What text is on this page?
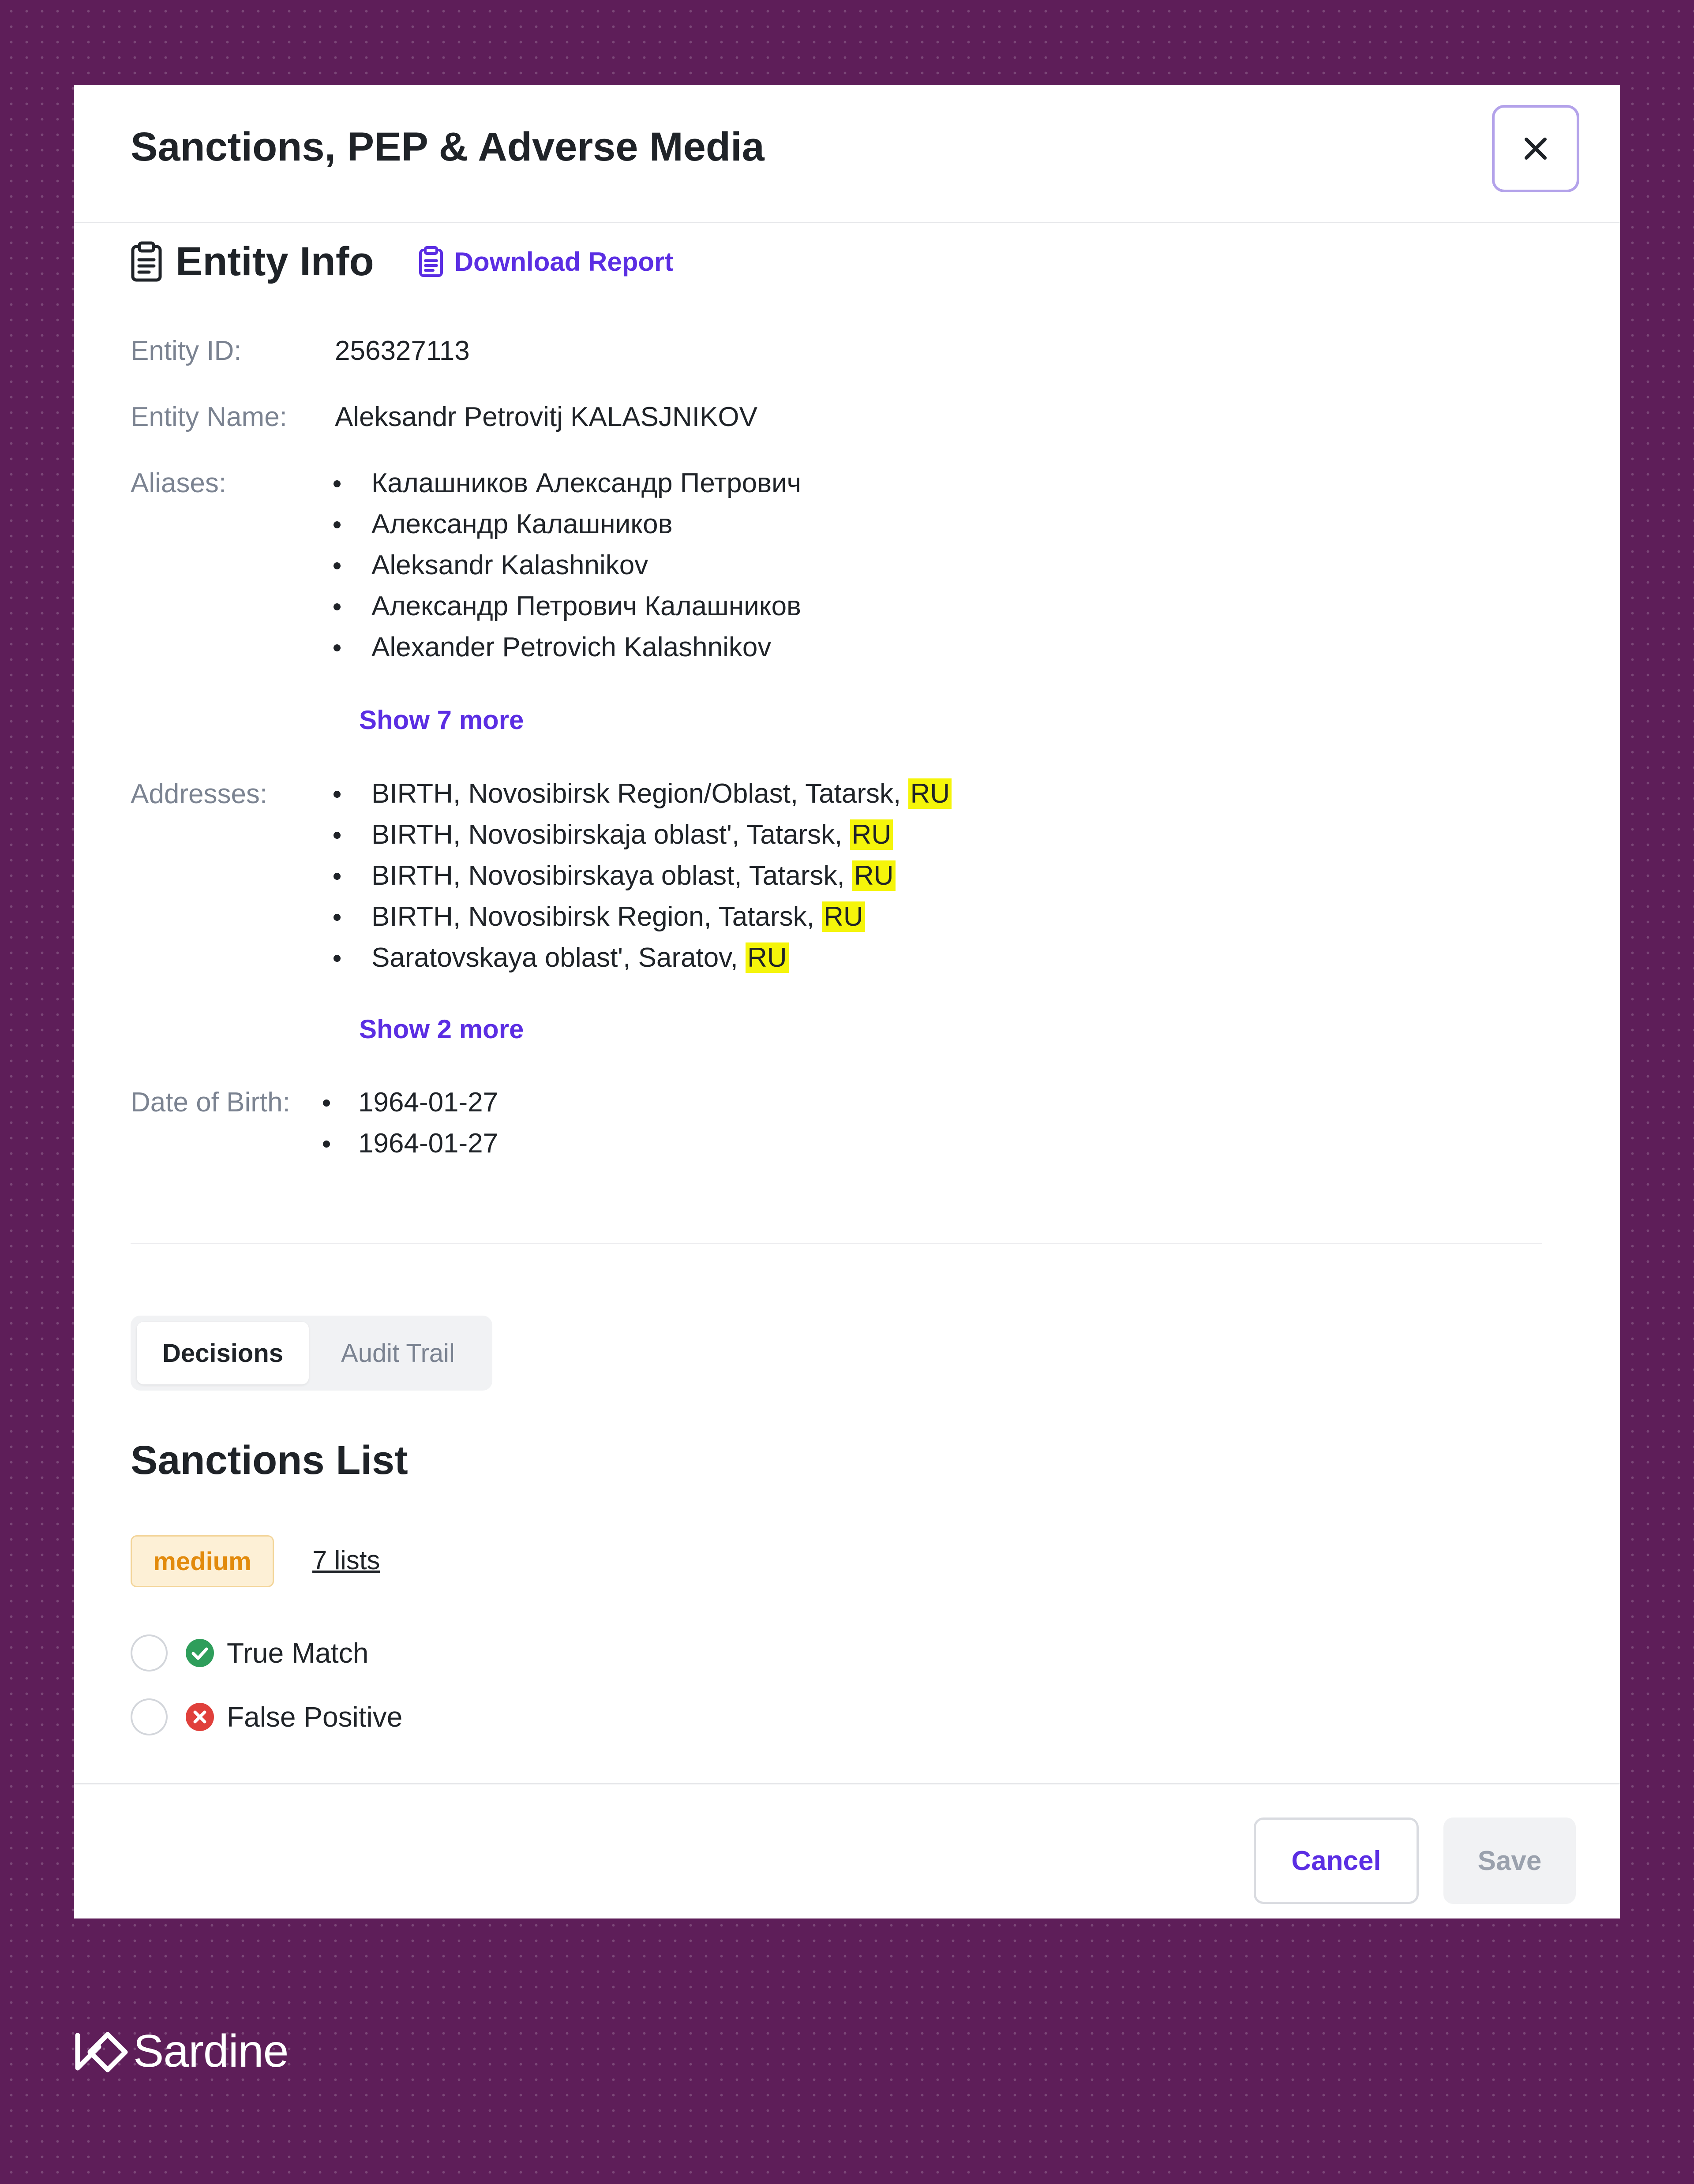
Sanctions, PEP & Adverse Media
Entity Info	Download Report
Entity ID:	256327113
Entity Name: Aleksandr Petrovitj KALASJNIKOV
Aliases:	Калашников Александр Петрович
Александр Калашников
Aleksandr Kalashnikov
Александр Петрович Калашников
Alexander Petrovich Kalashnikov
Show 7 more
Addresses:	BIRTH, Novosibirsk Region/Oblast, Tatarsk, RU
BIRTH, Novosibirskaja oblast', Tatarsk, RU
BIRTH, Novosibirskaya oblast, Tatarsk, RU
BIRTH, Novosibirsk Region, Tatarsk, RU
Saratovskaya oblast', Saratov, RU
Show 2 more
Date of Birth:	1964-01-27
1964-01-27
Decisions	Audit Trail
Sanctions List
medium	7 lists
True Match
False Positive
Cancel	Save
Sardine
